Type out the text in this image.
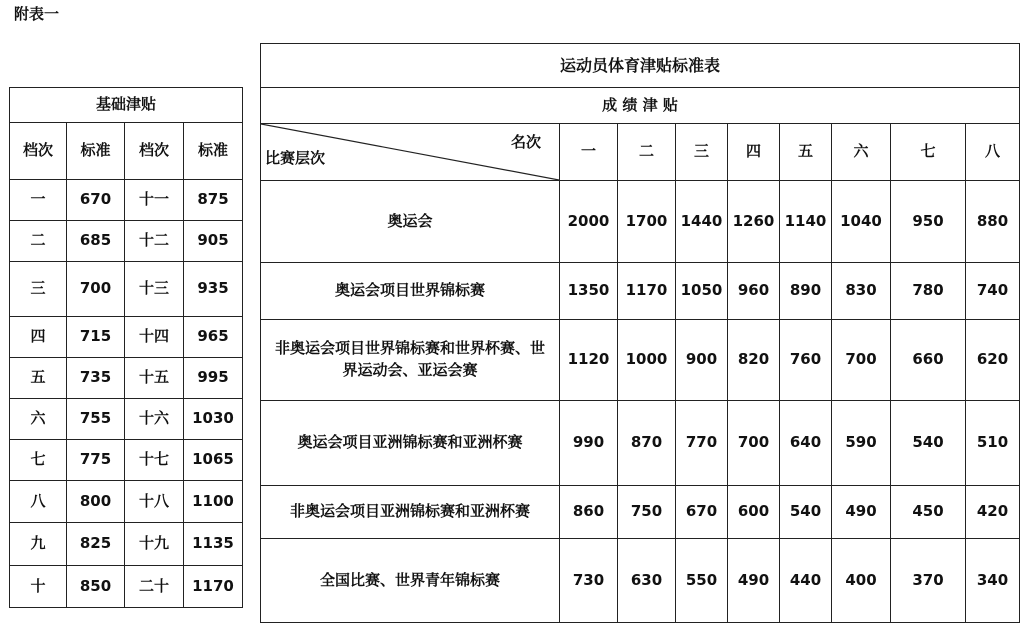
附表一
基础津贴			
档次	标准	档次	标准
一	670	十一	875
二	685	十二	905
三	700	十三	935
四	715	十四	965
五	735	十五	995
六	755	十六	1030
七	775	十七	1065
八	800	十八	1100
九	825	十九	1135
十	850	二十	1170
运动员体育津贴标准表								
成 绩 津 贴								

名次
比赛层次	一	二	三	四	五	六	七	八
奥运会	2000	1700	1440	1260	1140	1040	950	880
奥运会项目世界锦标赛	1350	1170	1050	960	890	830	780	740
非奥运会项目世界锦标赛和世界杯赛、世界运动会、亚运会赛	1120	1000	900	820	760	700	660	620
奥运会项目亚洲锦标赛和亚洲杯赛	990	870	770	700	640	590	540	510
非奥运会项目亚洲锦标赛和亚洲杯赛	860	750	670	600	540	490	450	420
全国比赛、世界青年锦标赛	730	630	550	490	440	400	370	340
